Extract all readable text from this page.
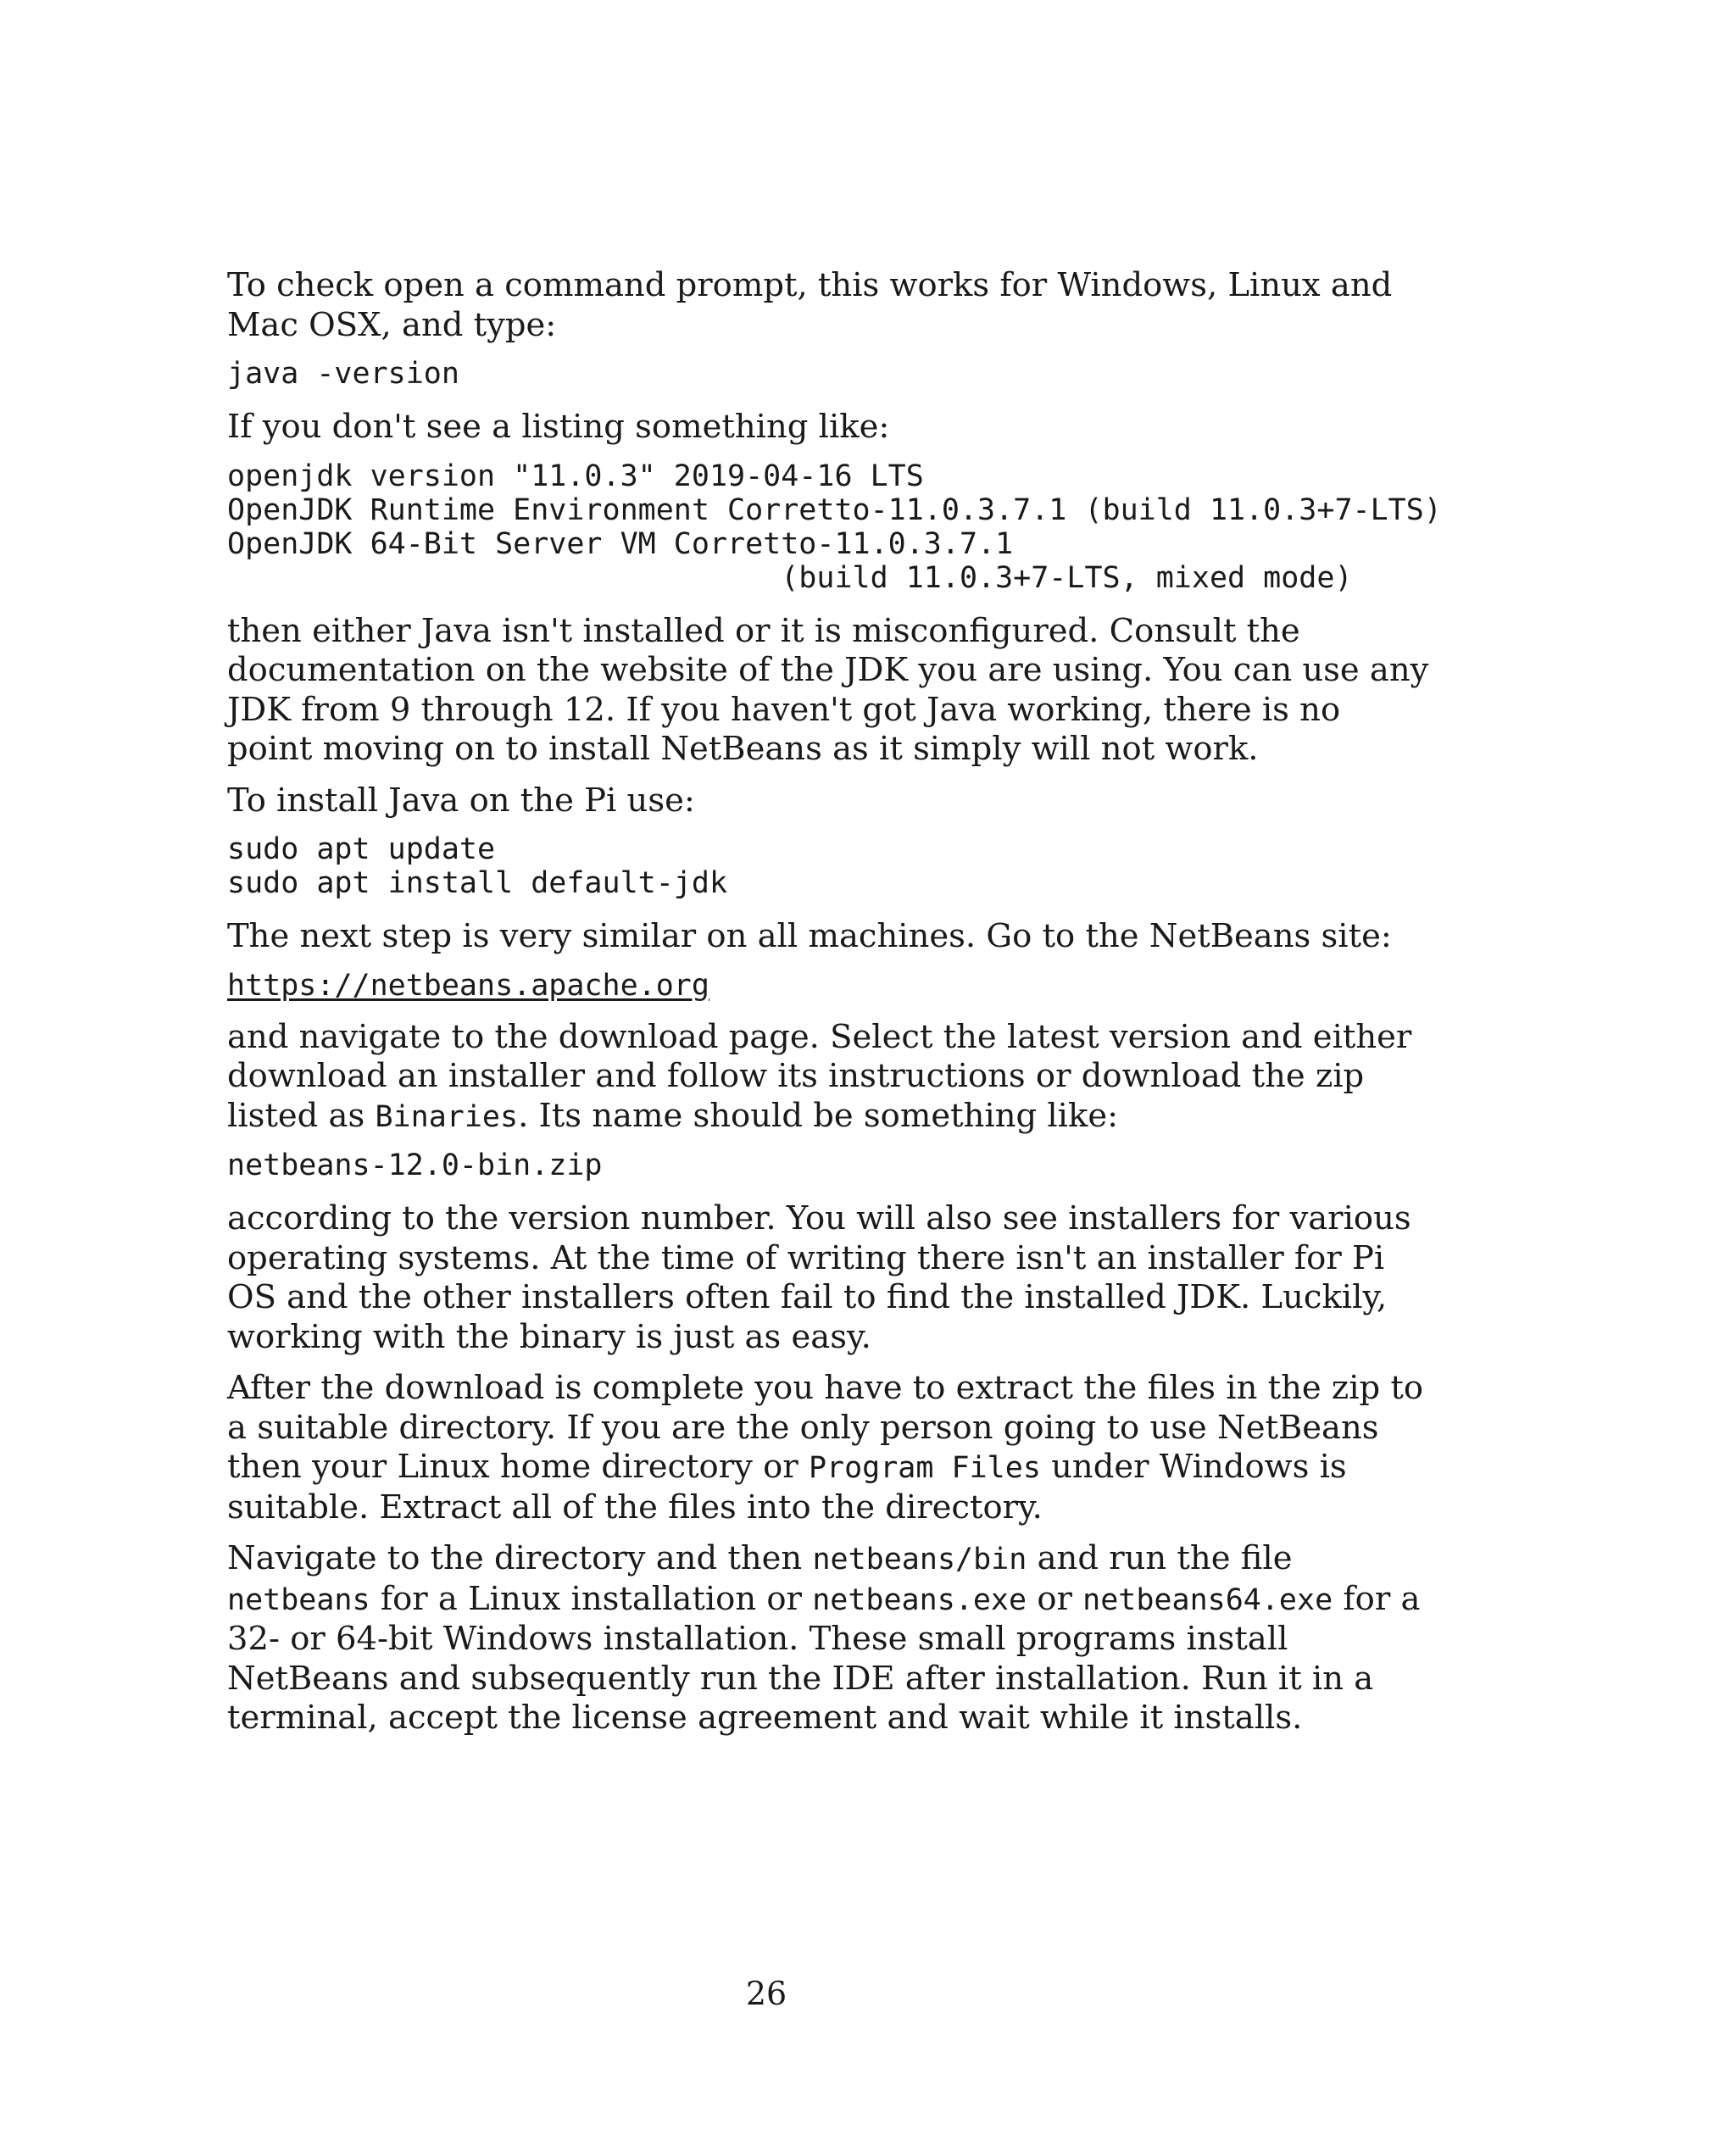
To check open a command prompt, this works for Windows, Linux and Mac OSX, and type:

java -version

If you don't see a listing something like:

openjdk version "11.0.3" 2019-04-16 LTS
OpenJDK Runtime Environment Corretto-11.0.3.7.1 (build 11.0.3+7-LTS)
OpenJDK 64-Bit Server VM Corretto-11.0.3.7.1
(build 11.0.3+7-LTS, mixed mode)

then either Java isn't installed or it is misconfigured. Consult the documentation on the website of the JDK you are using. You can use any JDK from 9 through 12. If you haven't got Java working, there is no point moving on to install NetBeans as it simply will not work.

To install Java on the Pi use:

sudo apt update
sudo apt install default-jdk

The next step is very similar on all machines. Go to the NetBeans site:

https://netbeans.apache.org

and navigate to the download page. Select the latest version and either download an installer and follow its instructions or download the zip listed as Binaries. Its name should be something like:

netbeans-12.0-bin.zip

according to the version number. You will also see installers for various operating systems. At the time of writing there isn't an installer for Pi OS and the other installers often fail to find the installed JDK. Luckily, working with the binary is just as easy.

After the download is complete you have to extract the files in the zip to a suitable directory. If you are the only person going to use NetBeans then your Linux home directory or Program Files under Windows is suitable. Extract all of the files into the directory.

Navigate to the directory and then netbeans/bin and run the file netbeans for a Linux installation or netbeans.exe or netbeans64.exe for a 32- or 64-bit Windows installation. These small programs install NetBeans and subsequently run the IDE after installation. Run it in a terminal, accept the license agreement and wait while it installs.

26
